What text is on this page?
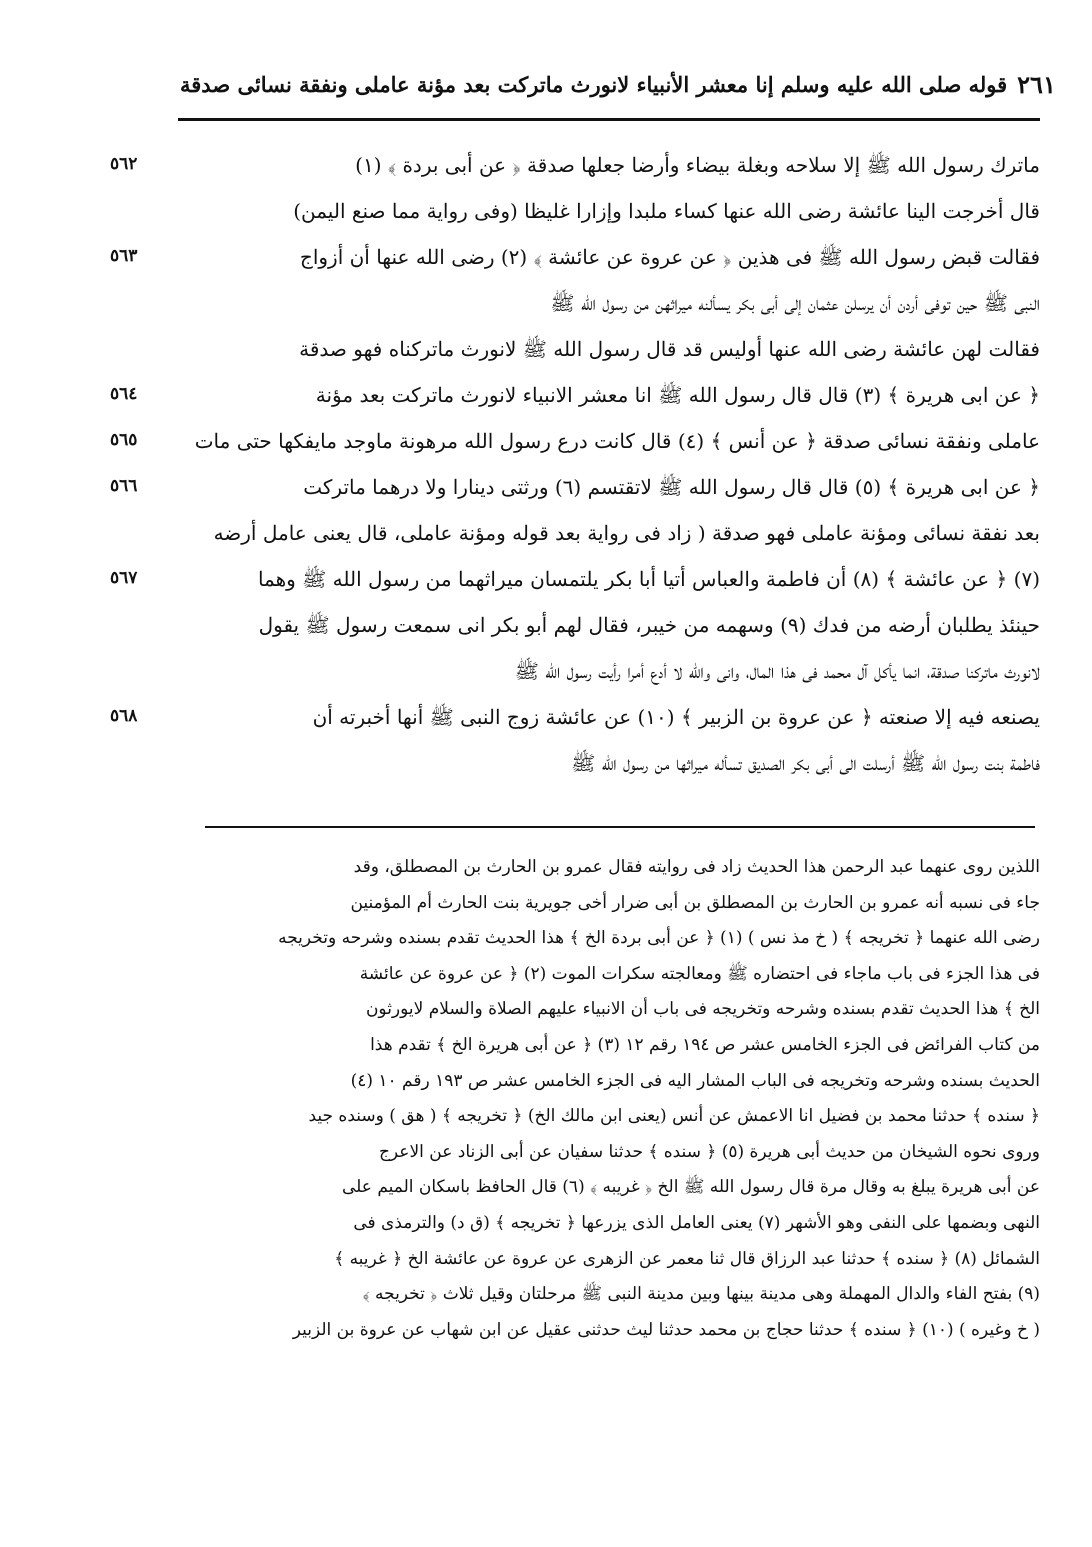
قوله صلى الله عليه وسلم إنا معشر الأنبياء لانورث ماتركت بعد مؤنة عاملى ونفقة نسائى صدقة ٢٦١
ماترك رسول الله ﷺ إلا سلاحه وبغلة بيضاء وأرضا جعلها صدقة ﴿ عن أبى بردة ﴾ (١)
قال أخرجت الينا عائشة رضى الله عنها كساء ملبدا وإزارا غليظا (وفى رواية مما صنع اليمن)
فقالت قبض رسول الله ﷺ فى هذين ﴿ عن عروة عن عائشة ﴾ (٢) رضى الله عنها أن أزواج
النبى ﷺ حين توفى أردن أن يرسلن عثمان إلى أبى بكر يسألنه ميراثهن من رسول الله ﷺ
فقالت لهن عائشة رضى الله عنها أوليس قد قال رسول الله ﷺ لانورث ماتركناه فهو صدقة
﴿ عن ابى هريرة ﴾ (٣) قال قال رسول الله ﷺ انا معشر الانبياء لانورث ماتركت بعد مؤنة
عاملى ونفقة نسائى صدقة ﴿ عن أنس ﴾ (٤) قال كانت درع رسول الله مرهونة ماوجد مايفكها حتى مات
﴿ عن ابى هريرة ﴾ (٥) قال قال رسول الله ﷺ لاتقتسم (٦) ورثتى دينارا ولا درهما ماتركت
بعد نفقة نسائى ومؤنة عاملى فهو صدقة ( زاد فى رواية بعد قوله ومؤنة عاملى، قال يعنى عامل أرضه
(٧) ﴿ عن عائشة ﴾ (٨) أن فاطمة والعباس أتيا أبا بكر يلتمسان ميراثهما من رسول الله ﷺ وهما
حينئذ يطلبان أرضه من فدك (٩) وسهمه من خيبر، فقال لهم أبو بكر انى سمعت رسول ﷺ يقول
لانورث ماتركنا صدقة، انما يأكل آل محمد فى هذا المال، وانى والله لا أدع أمرا رأيت رسول الله ﷺ
يصنعه فيه إلا صنعته ﴿ عن عروة بن الزبير ﴾ (١٠) عن عائشة زوج النبى ﷺ أنها أخبرته أن
فاطمة بنت رسول الله ﷺ أرسلت الى أبى بكر الصديق تسأله ميراثها من رسول الله ﷺ
٥٦٢
٥٦٣
٥٦٤
٥٦٥
٥٦٦
٥٦٧
٥٦٨
اللذين روى عنهما عبد الرحمن هذا الحديث زاد فى روايته فقال عمرو بن الحارث بن المصطلق، وقد
جاء فى نسبه أنه عمرو بن الحارث بن المصطلق بن أبى ضرار أخى جويرية بنت الحارث أم المؤمنين
رضى الله عنهما ﴿ تخريجه ﴾ ( خ مذ نس ) (١) ﴿ عن أبى بردة الخ ﴾ هذا الحديث تقدم بسنده وشرحه وتخريجه
فى هذا الجزء فى باب ماجاء فى احتضاره ﷺ ومعالجته سكرات الموت (٢) ﴿ عن عروة عن عائشة
الخ ﴾ هذا الحديث تقدم بسنده وشرحه وتخريجه فى باب أن الانبياء عليهم الصلاة والسلام لايورثون
من كتاب الفرائض فى الجزء الخامس عشر ص ١٩٤ رقم ١٢ (٣) ﴿ عن أبى هريرة الخ ﴾ تقدم هذا
الحديث بسنده وشرحه وتخريجه فى الباب المشار اليه فى الجزء الخامس عشر ص ١٩٣ رقم ١٠ (٤)
﴿ سنده ﴾ حدثنا محمد بن فضيل انا الاعمش عن أنس (يعنى ابن مالك الخ) ﴿ تخريجه ﴾ ( هق ) وسنده جيد
وروى نحوه الشيخان من حديث أبى هريرة (٥) ﴿ سنده ﴾ حدثنا سفيان عن أبى الزناد عن الاعرج
عن أبى هريرة يبلغ به وقال مرة قال رسول الله ﷺ الخ ﴿ غريبه ﴾ (٦) قال الحافظ باسكان الميم على
النهى وبضمها على النفى وهو الأشهر (٧) يعنى العامل الذى يزرعها ﴿ تخريجه ﴾ (ق د) والترمذى فى
الشمائل (٨) ﴿ سنده ﴾ حدثنا عبد الرزاق قال ثنا معمر عن الزهرى عن عروة عن عائشة الخ ﴿ غريبه ﴾
(٩) بفتح الفاء والدال المهملة وهى مدينة بينها وبين مدينة النبى ﷺ مرحلتان وقيل ثلاث ﴿ تخريجه ﴾
( خ وغيره ) (١٠) ﴿ سنده ﴾ حدثنا حجاج بن محمد حدثنا ليث حدثنى عقيل عن ابن شهاب عن عروة بن الزبير
